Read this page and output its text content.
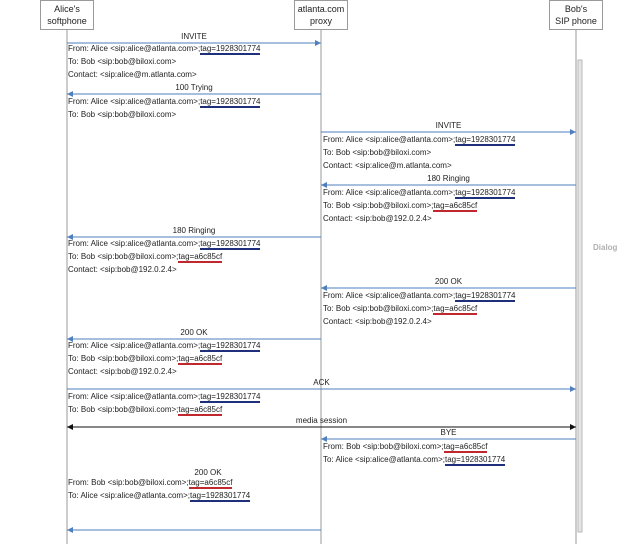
Alice's
softphone
atlanta.com
proxy
Bob's
SIP phone
INVITE
From: Alice <sip:alice@atlanta.com>;tag=1928301774
To: Bob <sip:bob@biloxi.com>
Contact: <sip:alice@m.atlanta.com>
100 Trying
From: Alice <sip:alice@atlanta.com>;tag=1928301774
To: Bob <sip:bob@biloxi.com>
INVITE
From: Alice <sip:alice@atlanta.com>;tag=1928301774
To: Bob <sip:bob@biloxi.com>
Contact: <sip:alice@m.atlanta.com>
180 Ringing
From: Alice <sip:alice@atlanta.com>;tag=1928301774
To: Bob <sip:bob@biloxi.com>;tag=a6c85cf
Contact: <sip:bob@192.0.2.4>
180 Ringing
From: Alice <sip:alice@atlanta.com>;tag=1928301774
To: Bob <sip:bob@biloxi.com>;tag=a6c85cf
Contact: <sip:bob@192.0.2.4>
200 OK
From: Alice <sip:alice@atlanta.com>;tag=1928301774
To: Bob <sip:bob@biloxi.com>;tag=a6c85cf
Contact: <sip:bob@192.0.2.4>
200 OK
From: Alice <sip:alice@atlanta.com>;tag=1928301774
To: Bob <sip:bob@biloxi.com>;tag=a6c85cf
Contact: <sip:bob@192.0.2.4>
ACK
From: Alice <sip:alice@atlanta.com>;tag=1928301774
To: Bob <sip:bob@biloxi.com>;tag=a6c85cf
media session
BYE
From: Bob <sip:bob@biloxi.com>;tag=a6c85cf
To: Alice <sip:alice@atlanta.com>;tag=1928301774
200 OK
From: Bob <sip:bob@biloxi.com>;tag=a6c85cf
To: Alice <sip:alice@atlanta.com>;tag=1928301774
Dialog
